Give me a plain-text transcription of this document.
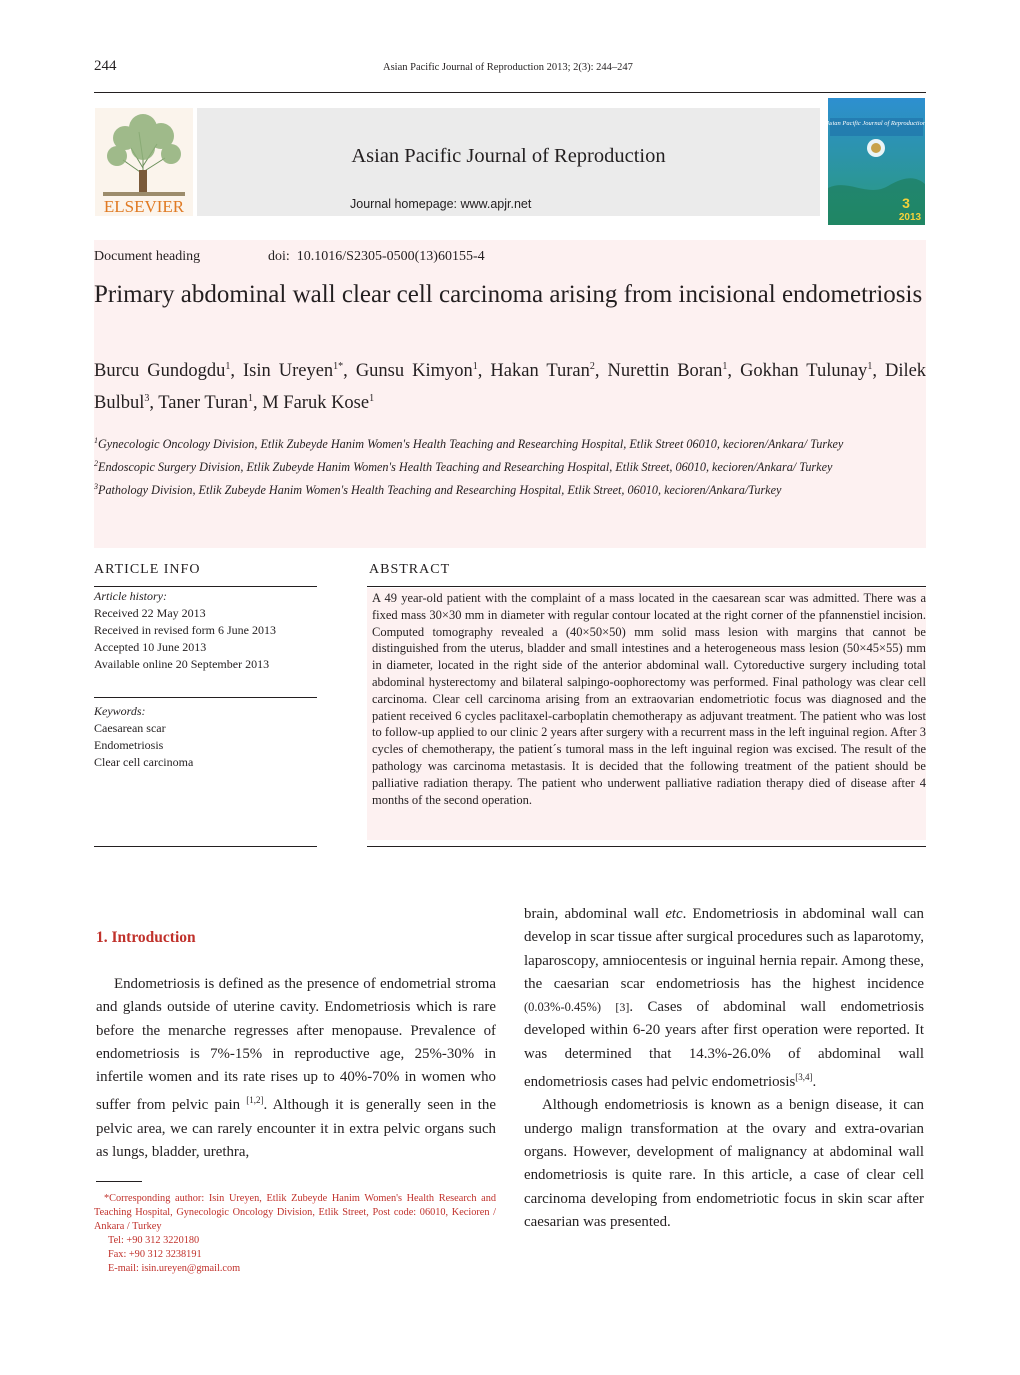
244	Asian Pacific Journal of Reproduction 2013; 2(3): 244–247
ELSEVIER
Asian Pacific Journal of Reproduction
Journal homepage: www.apjr.net
Asian Pacific Journal of Reproduction
3
2013
Document heading	doi: 10.1016/S2305-0500(13)60155-4
Primary abdominal wall clear cell carcinoma arising from incisional endometriosis
Burcu Gundogdu$^1$, Isin Ureyen$^{1*}$, Gunsu Kimyon$^1$, Hakan Turan$^2$, Nurettin Boran$^1$, Gokhan Tulunay$^1$, Dilek Bulbul$^3$, Taner Turan$^1$, M Faruk Kose$^1$

$^1$Gynecologic Oncology Division, Etlik Zubeyde Hanim Women's Health Teaching and Researching Hospital, Etlik Street 06010, kecioren/Ankara/ Turkey

$^2$Endoscopic Surgery Division, Etlik Zubeyde Hanim Women's Health Teaching and Researching Hospital, Etlik Street, 06010, kecioren/Ankara/ Turkey

$^3$Pathology Division, Etlik Zubeyde Hanim Women's Health Teaching and Researching Hospital, Etlik Street, 06010, kecioren/Ankara/Turkey

ARTICLE INFO

Article history:

Received 22 May 2013

Received in revised form 6 June 2013

Accepted 10 June 2013

Available online 20 September 2013

Keywords:

Caesarean scar

Endometriosis

Clear cell carcinoma

ABSTRACT
A 49 year-old patient with the complaint of a mass located in the caesarean scar was admitted. There was a fixed mass 30×30 mm in diameter with regular contour located at the right corner of the pfannenstiel incision. Computed tomography revealed a (40×50×50) mm solid mass lesion with margins that cannot be distinguished from the uterus, bladder and small intestines and a heterogeneous mass lesion (50×45×55) mm in diameter, located in the right side of the anterior abdominal wall. Cytoreductive surgery including total abdominal hysterectomy and bilateral salpingo-oophorectomy was performed. Final pathology was clear cell carcinoma. Clear cell carcinoma arising from an extraovarian endometriotic focus was diagnosed and the patient received 6 cycles paclitaxel-carboplatin chemotherapy as adjuvant treatment. The patient who was lost to follow-up applied to our clinic 2 years after surgery with a recurrent mass in the left inguinal region. After 3 cycles of chemotherapy, the patient´s tumoral mass in the left inguinal region was excised. The result of the pathology was carcinoma metastasis. It is decided that the following treatment of the patient should be palliative radiation therapy. The patient who underwent palliative radiation therapy died of disease after 4 months of the second operation.
1. Introduction

Endometriosis is defined as the presence of endometrial stroma and glands outside of uterine cavity. Endometriosis which is rare before the menarche regresses after menopause. Prevalence of endometriosis is 7%-15% in reproductive age, 25%-30% in infertile women and its rate rises up to 40%-70% in women who suffer from pelvic pain [1,2]. Although it is generally seen in the pelvic area, we can rarely encounter it in extra pelvic organs such as lungs, bladder, urethra,

brain, abdominal wall etc. Endometriosis in abdominal wall can develop in scar tissue after surgical procedures such as laparotomy, laparoscopy, amniocentesis or inguinal hernia repair. Among these, the caesarian scar endometriosis has the highest incidence (0.03%-0.45%) [3]. Cases of abdominal wall endometriosis developed within 6-20 years after first operation were reported. It was determined that 14.3%-26.0% of abdominal wall endometriosis cases had pelvic endometriosis[3,4].

Although endometriosis is known as a benign disease, it can undergo malign transformation at the ovary and extra-ovarian organs. However, development of malignancy at abdominal wall endometriosis is quite rare. In this article, a case of clear cell carcinoma developing from endometriotic focus in skin scar after caesarian was presented.

*Corresponding author: Isin Ureyen, Etlik Zubeyde Hanim Women's Health Research and Teaching Hospital, Gynecologic Oncology Division, Etlik Street, Post code: 06010, Kecioren / Ankara / Turkey

Tel: +90 312 3220180

Fax: +90 312 3238191

E-mail: isin.ureyen@gmail.com
